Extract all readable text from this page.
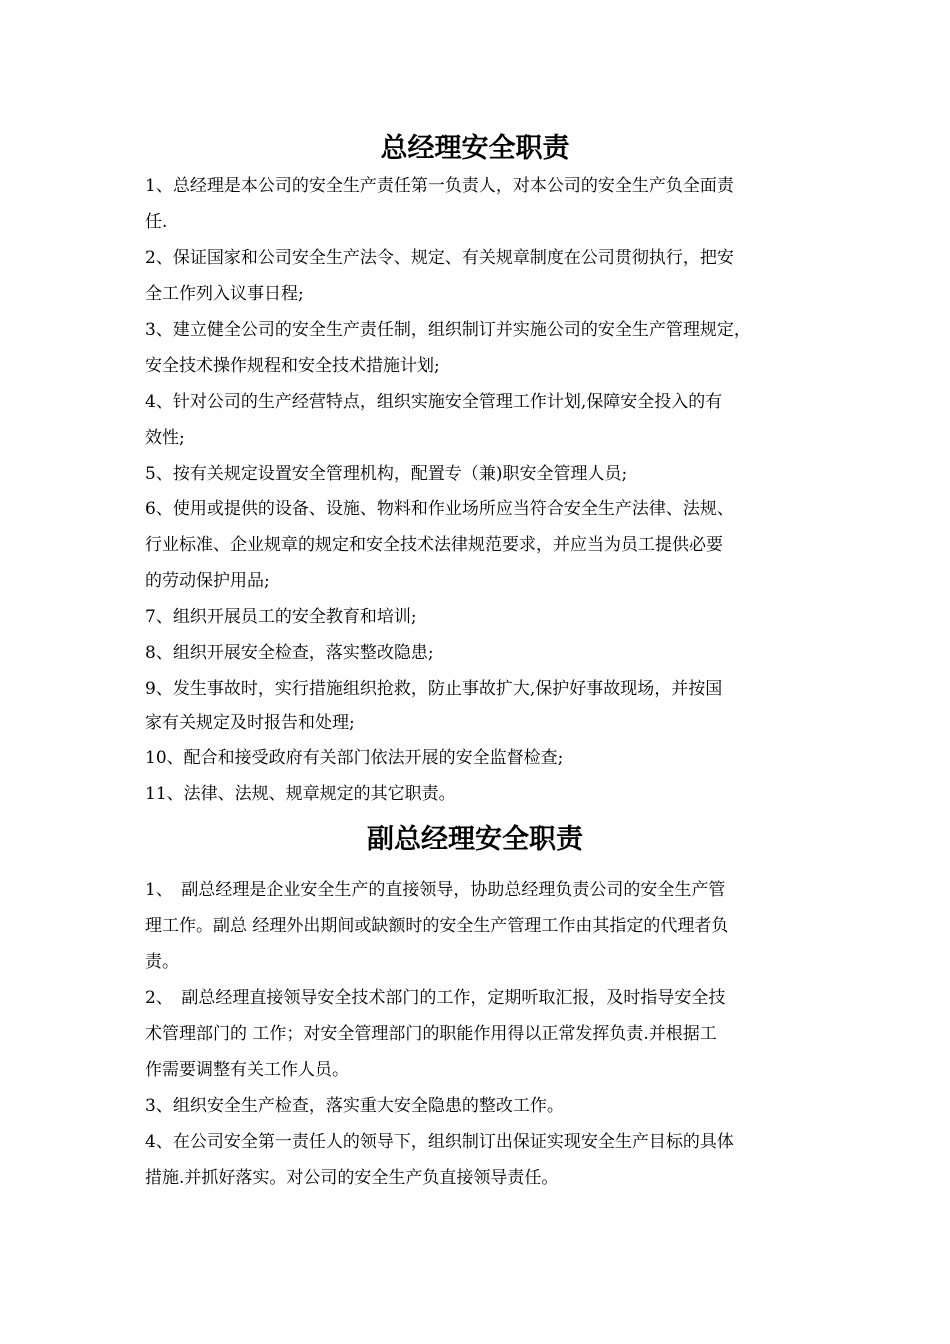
总经理安全职责

1、总经理是本公司的安全生产责任第一负责人，对本公司的安全生产负全面责

任.

2、保证国家和公司安全生产法令、规定、有关规章制度在公司贯彻执行，把安

全工作列入议事日程;

3、建立健全公司的安全生产责任制，组织制订并实施公司的安全生产管理规定，

安全技术操作规程和安全技术措施计划;

4、针对公司的生产经营特点，组织实施安全管理工作计划,保障安全投入的有

效性;

5、按有关规定设置安全管理机构，配置专（兼)职安全管理人员;

6、使用或提供的设备、设施、物料和作业场所应当符合安全生产法律、法规、

行业标准、企业规章的规定和安全技术法律规范要求，并应当为员工提供必要

的劳动保护用品;

7、组织开展员工的安全教育和培训;

8、组织开展安全检查，落实整改隐患;

9、发生事故时，实行措施组织抢救，防止事故扩大,保护好事故现场，并按国

家有关规定及时报告和处理;

10、配合和接受政府有关部门依法开展的安全监督检查;

11、法律、法规、规章规定的其它职责。

副总经理安全职责

1、　副总经理是企业安全生产的直接领导，协助总经理负责公司的安全生产管

理工作。副总 经理外出期间或缺额时的安全生产管理工作由其指定的代理者负

责。

2、　副总经理直接领导安全技术部门的工作，定期听取汇报，及时指导安全技

术管理部门的 工作；对安全管理部门的职能作用得以正常发挥负责.并根据工

作需要调整有关工作人员。

3、组织安全生产检查，落实重大安全隐患的整改工作。

4、在公司安全第一责任人的领导下，组织制订出保证实现安全生产目标的具体

措施.并抓好落实。对公司的安全生产负直接领导责任。
